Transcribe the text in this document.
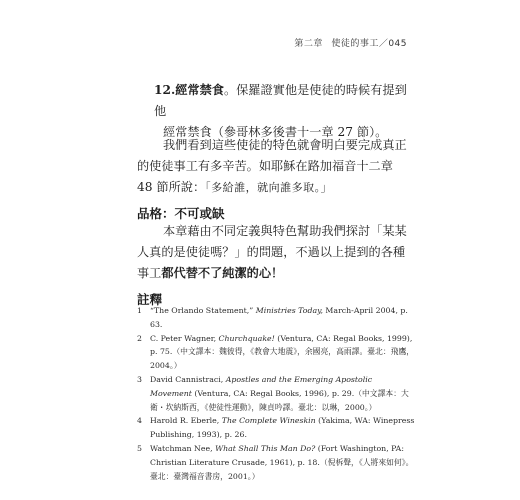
第二章 使徒的事工／045

12.經常禁食。保羅證實他是使徒的時候有提到他
經常禁食（參哥林多後書十一章 27 節）。

我們看到這些使徒的特色就會明白要完成真正的使徒事工有多辛苦。如耶穌在路加福音十二章 48 節所說：「多給誰，就向誰多取。」

品格：不可或缺

本章藉由不同定義與特色幫助我們探討「某某人真的是使徒嗎？」的問題，不過以上提到的各種事工都代替不了純潔的心！

註釋
1 “The Orlando Statement,” Ministries Today, March-April 2004, p. 63.
2 C. Peter Wagner, Churchquake! (Ventura, CA: Regal Books, 1999), p. 75.（中文譯本：魏彼得，《教會大地震》，余國亮，高雨譯。臺北：飛鷹，2004。）
3 David Cannistraci, Apostles and the Emerging Apostolic Movement (Ventura, CA: Regal Books, 1996), p. 29.（中文譯本：大衛・坎納斯西，《使徒性運動》，陳貞吟譯。臺北：以琳，2000。）
4 Harold R. Eberle, The Complete Wineskin (Yakima, WA: Winepress Publishing, 1993), p. 26.
5 Watchman Nee, What Shall This Man Do? (Fort Washington, PA: Christian Literature Crusade, 1961), p. 18.（倪柝聲，《人將來如何》。臺北：臺灣福音書房，2001。）
